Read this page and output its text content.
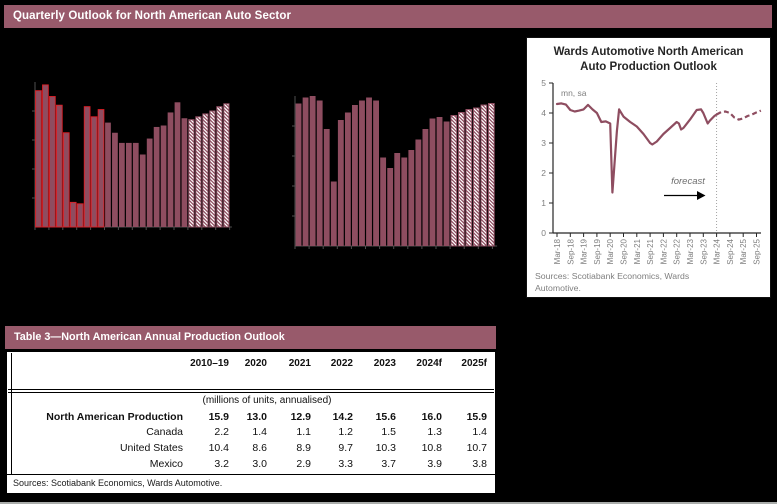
Quarterly Outlook for North American Auto Sector
0
1
2
3
4
5
Mar-18 Sep-18 Mar-19 Sep-19 Mar-20 Sep-20 Mar-21 Sep-21 Mar-22 Sep-22 Mar-23 Sep-23 Mar-24 Sep-24 Mar-25 Sep-25
Wards Automotive North American
Auto Production Outlook
mn, sa
forecast
Sources: Scotiabank Economics, Wards Automotive.
Table 3—North American Annual Production Outlook
	2010–19	2020	2021	2022	2023	2024f	2025f
(millions of units, annualised)
North American Production	15.9	13.0	12.9	14.2	15.6	16.0	15.9
Canada	2.2	1.4	1.1	1.2	1.5	1.3	1.4
United States	10.4	8.6	8.9	9.7	10.3	10.8	10.7
Mexico	3.2	3.0	2.9	3.3	3.7	3.9	3.8
Sources: Scotiabank Economics, Wards Automotive.
